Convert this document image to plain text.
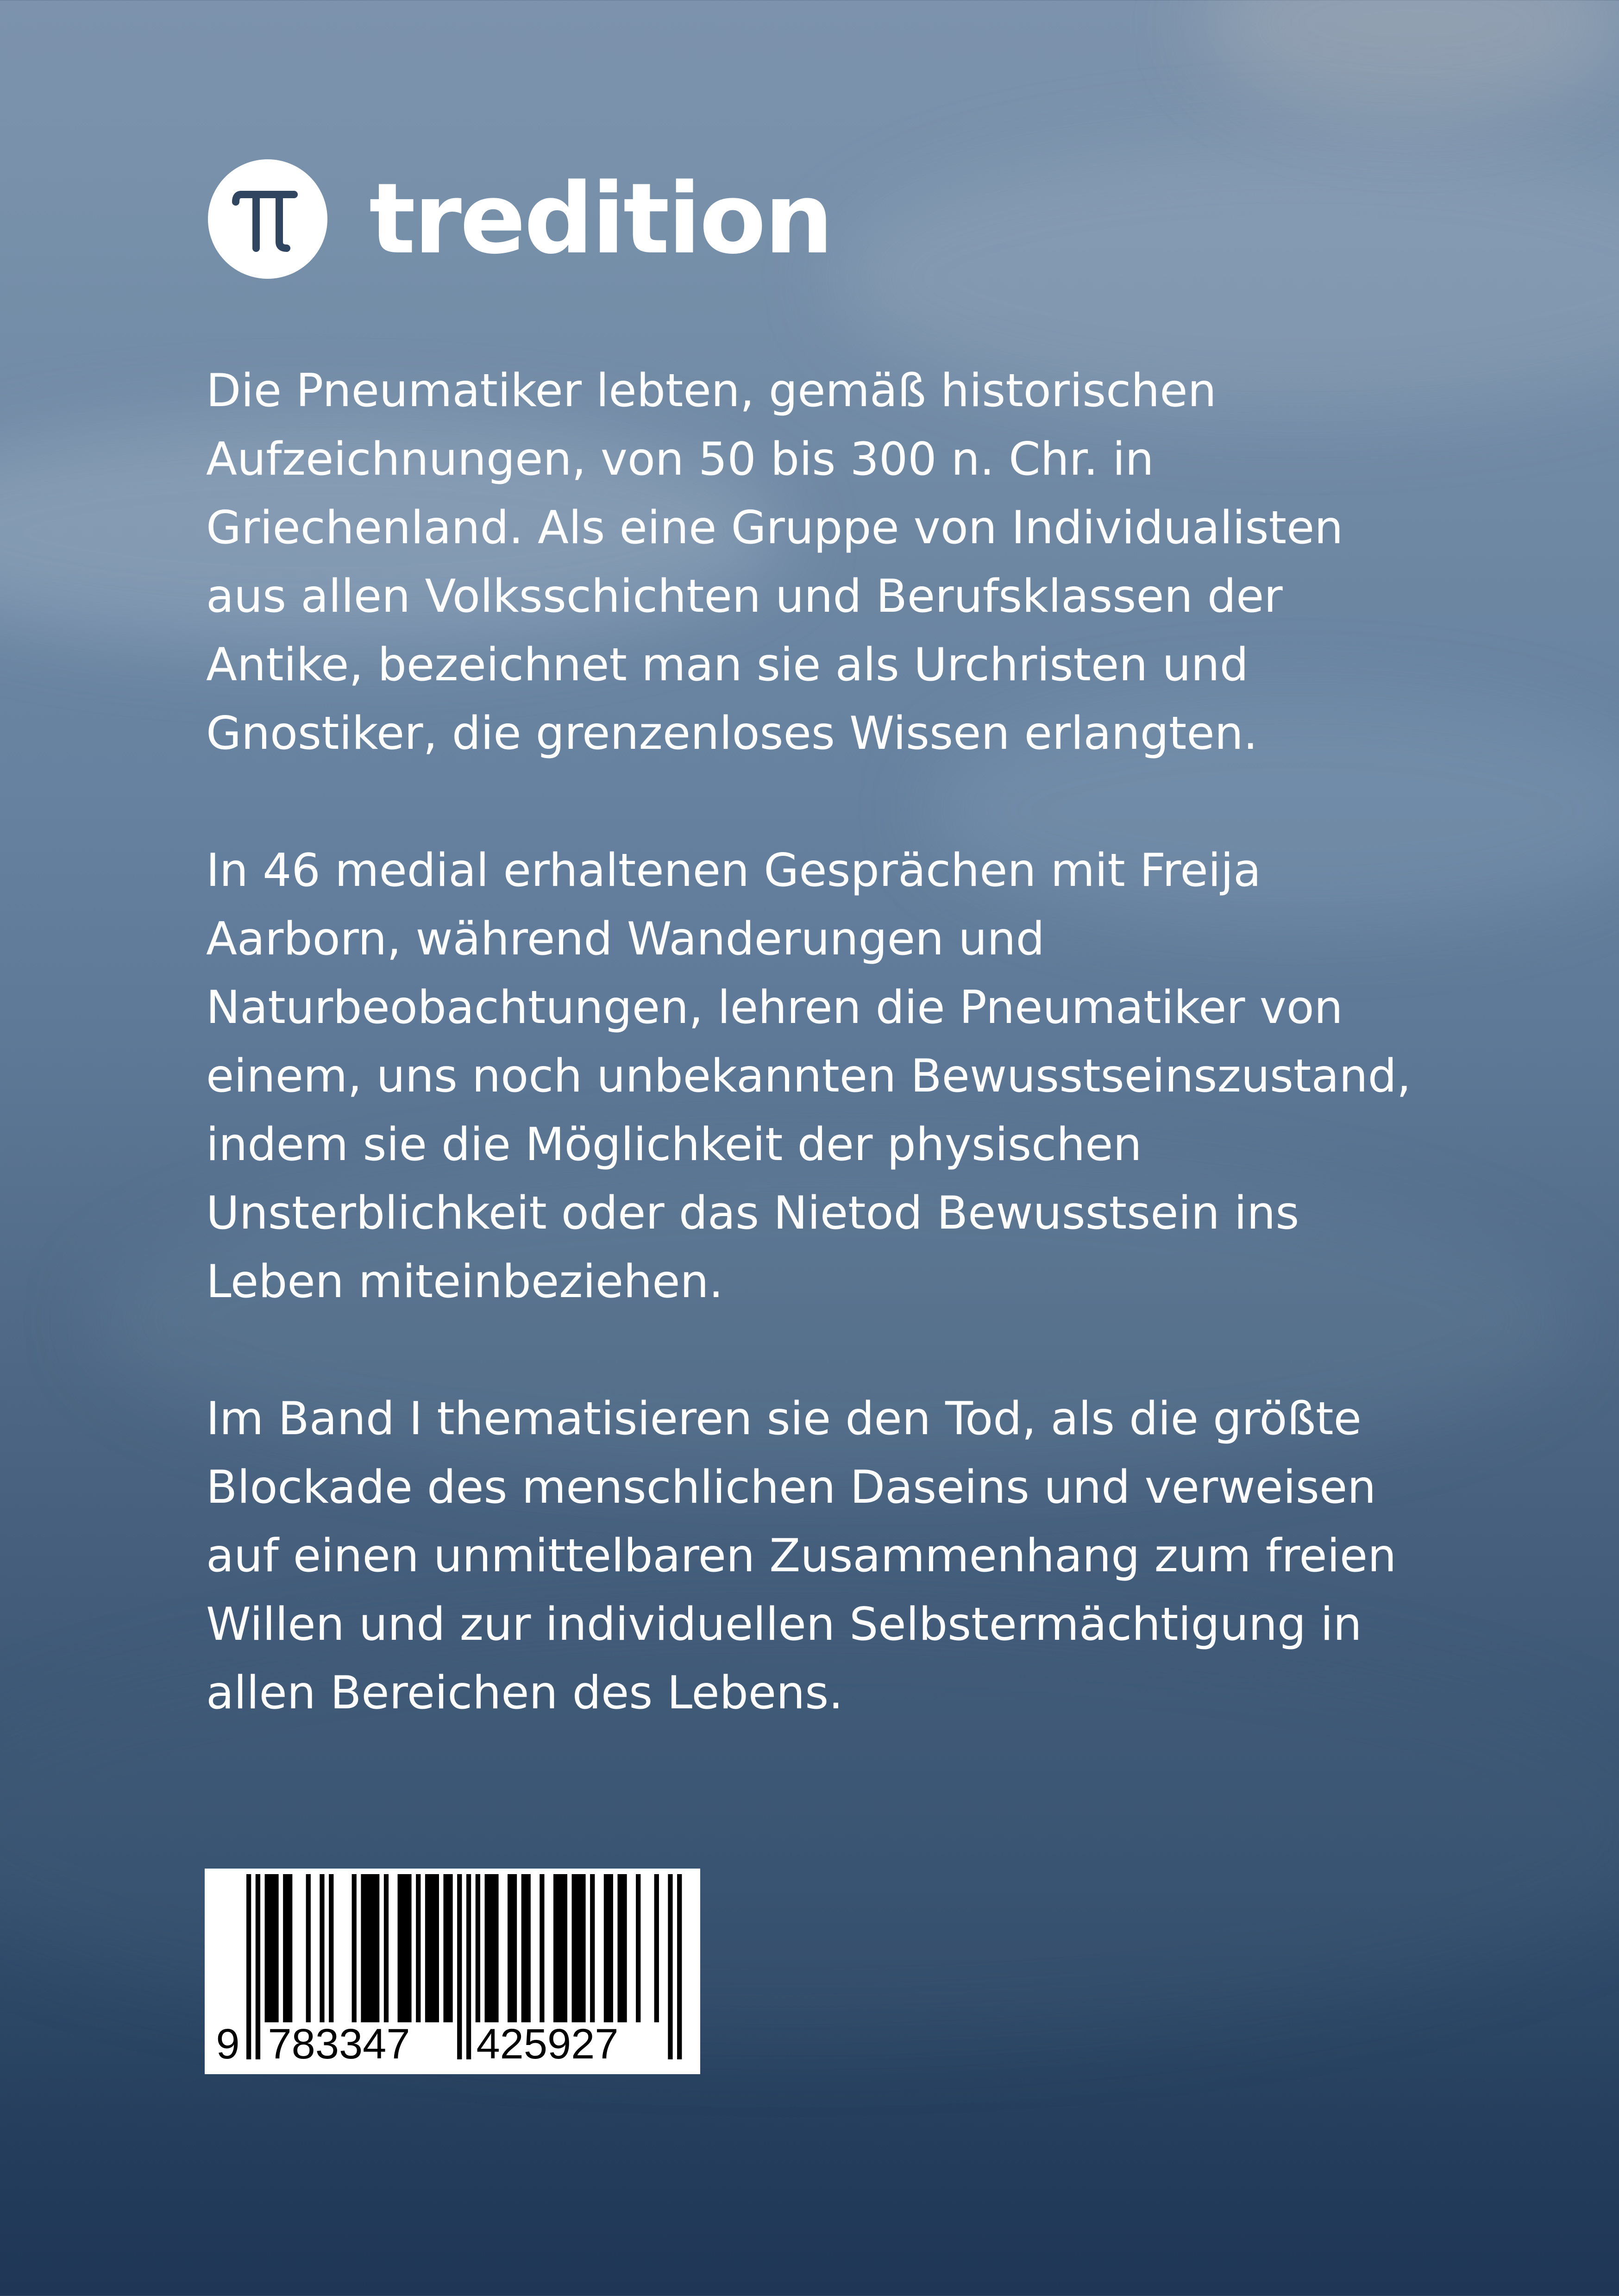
tredition

Die Pneumatiker lebten, gemäß historischen Aufzeichnungen, von 50 bis 300 n. Chr. in Griechenland. Als eine Gruppe von Individualisten aus allen Volksschichten und Berufsklassen der Antike, bezeichnet man sie als Urchristen und Gnostiker, die grenzenloses Wissen erlangten.

In 46 medial erhaltenen Gesprächen mit Freija Aarborn, während Wanderungen und Naturbeobachtungen, lehren die Pneumatiker von einem, uns noch unbekannten Bewusstseinszustand, indem sie die Möglichkeit der physischen Unsterblichkeit oder das Nietod Bewusstsein ins Leben miteinbeziehen.

Im Band I thematisieren sie den Tod, als die größte Blockade des menschlichen Daseins und verweisen auf einen unmittelbaren Zusammenhang zum freien Willen und zur individuellen Selbstermächtigung in allen Bereichen des Lebens.

9 783347 425927
